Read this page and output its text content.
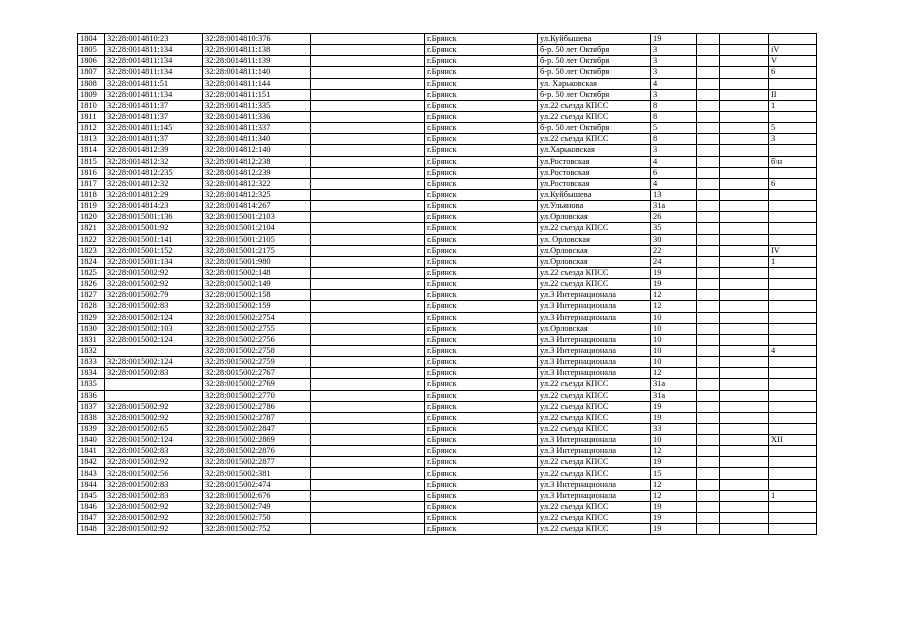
1804	32:28:0014810:23	32:28:0014810:376		г.Брянск	ул.Куйбышева	19			
1805	32:28:0014811:134	32:28:0014811:138		г.Брянск	б-р. 50 лет Октября	3			iV
1806	32:28:0014811:134	32:28:0014811:139		г.Брянск	б-р. 50 лет Октября	3			V
1807	32:28:0014811:134	32:28:0014811:140		г.Брянск	б-р. 50 лет Октября	3			6
1808	32:28:0014811:51	32:28:0014811:144		г.Брянск	ул. Харьковская	4			
1809	32:28:0014811:134	32:28:0014811:151		г.Брянск	б-р. 50 лет Октября	3			II
1810	32:28:0014811:37	32:28:0014811:335		г.Брянск	ул.22 съезда КПСС	8			1
1811	32:28:0014811:37	32:28:0014811:336		г.Брянск	ул.22 съезда КПСС	8			
1812	32:28:0014811:145	32:28:0014811:337		г.Брянск	б-р. 50 лет Октября	5			5
1813	32:28:0014811:37	32:28:0014811:340		г.Брянск	ул.22 съезда КПСС	8			3
1814	32:28:0014812:39	32:28:0014812:140		г.Брянск	ул.Харьковская	3			
1815	32:28:0014812:32	32:28:0014812:238		г.Брянск	ул.Ростовская	4			б\н
1816	32:28:0014812:235	32:28:0014812:239		г.Брянск	ул.Ростовская	6			
1817	32:28:0014812:32	32:28:0014812:322		г.Брянск	ул.Ростовская	4			6
1818	32:28:0014812:29	32:28:0014812:325		г.Брянск	ул.Куйбышева	13			
1819	32:28:0014814:23	32:28:0014814:267		г.Брянск	ул.Ульянова	31а			
1820	32:28:0015001:136	32:28:0015001:2103		г.Брянск	ул.Орловская	26			
1821	32:28:0015001:92	32:28:0015001:2104		г.Брянск	ул.22 съезда КПСС	35			
1822	32:28:0015001:141	32:28:0015001:2105		г.Брянск	ул. Орловская	30			
1823	32:28:0015001:152	32:28:0015001:2175		г.Брянск	ул.Орловская	22			IV
1824	32:28:0015001:134	32:28:0015001:980		г.Брянск	ул.Орловская	24			1
1825	32:28:0015002:92	32:28:0015002:148		г.Брянск	ул.22 съезда КПСС	19			
1826	32:28:0015002:92	32:28:0015002:149		г.Брянск	ул.22 съезда КПСС	19			
1827	32:28:0015002:79	32:28:0015002:158		г.Брянск	ул.3 Интернационала	12			
1828	32:28:0015002:83	32:28:0015002:159		г.Брянск	ул.3 Интернационала	12			
1829	32:28:0015002:124	32:28:0015002:2754		г.Брянск	ул.3 Интернационала	10			
1830	32:28:0015002:103	32:28:0015002:2755		г.Брянск	ул.Орловская	10			
1831	32:28:0015002:124	32:28:0015002:2756		г.Брянск	ул.3 Интернационала	10			
1832		32:28:0015002:2758		г.Брянск	ул.3 Интернационала	10			4
1833	32:28:0015002:124	32:28:0015002:2759		г.Брянск	ул.3 Интернационала	10			
1834	32:28:0015002:83	32:28:0015002:2767		г.Брянск	ул.3 Интернационала	12			
1835		32:28:0015002:2769		г.Брянск	ул.22 съезда КПСС	31а			
1836		32:28:0015002:2770		г.Брянск	ул.22 съезда КПСС	31а			
1837	32:28:0015002:92	32:28:0015002:2786		г.Брянск	ул.22 съезда КПСС	19			
1838	32:28:0015002:92	32:28:0015002:2787		г.Брянск	ул.22 съезда КПСС	19			
1839	32:28:0015002:65	32:28:0015002:2847		г.Брянск	ул.22 съезда КПСС	33			
1840	32:28:0015002:124	32:28:0015002:2869		г.Брянск	ул.3 Интернационала	10			XII
1841	32:28:0015002:83	32:28:0015002:2876		г.Брянск	ул.3 Интернационала	12			
1842	32:28:0015002:92	32:28:0015002:2877		г.Брянск	ул.22 съезда КПСС	19			
1843	32:28:0015002:56	32:28:0015002:381		г.Брянск	ул.22 съезда КПСС	15			
1844	32:28:0015002:83	32:28:0015002:474		г.Брянск	ул.3 Интернационала	12			
1845	32:28:0015002:83	32:28:0015002:676		г.Брянск	ул.3 Интернационала	12			1
1846	32:28:0015002:92	32:28:0015002:749		г.Брянск	ул.22 съезда КПСС	19			
1847	32:28:0015002:92	32:28:0015002:750		г.Брянск	ул.22 съезда КПСС	19			
1848	32:28:0015002:92	32:28:0015002:752		г.Брянск	ул.22 съезда КПСС	19			
